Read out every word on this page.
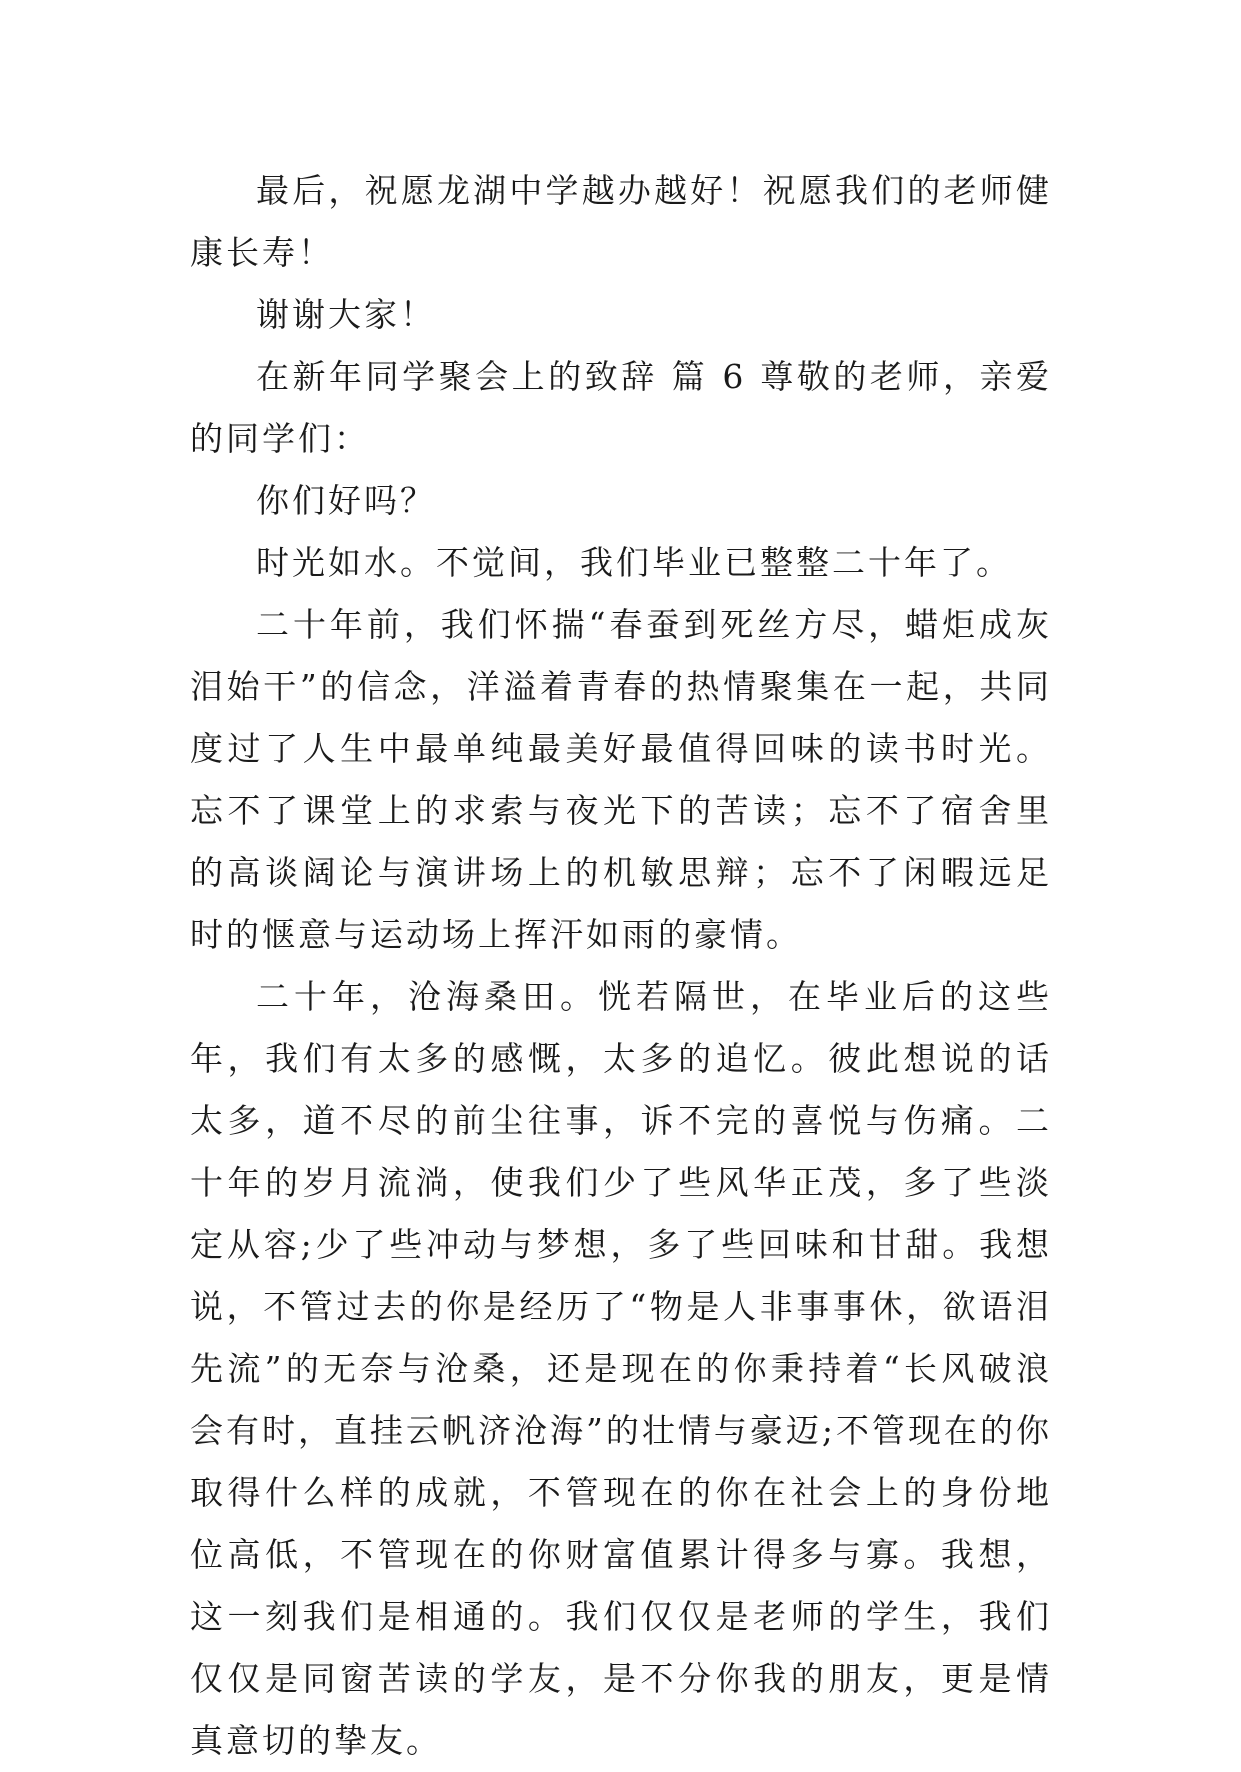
最后，祝愿龙湖中学越办越好！祝愿我们的老师健康长寿！

谢谢大家！

在新年同学聚会上的致辞 篇 6 尊敬的老师，亲爱的同学们：

你们好吗？

时光如水。不觉间，我们毕业已整整二十年了。

二十年前，我们怀揣“春蚕到死丝方尽，蜡炬成灰泪始干”的信念，洋溢着青春的热情聚集在一起，共同度过了人生中最单纯最美好最值得回味的读书时光。忘不了课堂上的求索与夜光下的苦读；忘不了宿舍里的高谈阔论与演讲场上的机敏思辩；忘不了闲暇远足时的惬意与运动场上挥汗如雨的豪情。

二十年，沧海桑田。恍若隔世，在毕业后的这些年，我们有太多的感慨，太多的追忆。彼此想说的话太多，道不尽的前尘往事，诉不完的喜悦与伤痛。二十年的岁月流淌，使我们少了些风华正茂，多了些淡定从容;少了些冲动与梦想，多了些回味和甘甜。我想说，不管过去的你是经历了“物是人非事事休，欲语泪先流”的无奈与沧桑，还是现在的你秉持着“长风破浪会有时，直挂云帆济沧海”的壮情与豪迈;不管现在的你取得什么样的成就，不管现在的你在社会上的身份地位高低，不管现在的你财富值累计得多与寡。我想，这一刻我们是相通的。我们仅仅是老师的学生，我们仅仅是同窗苦读的学友，是不分你我的朋友，更是情真意切的挚友。
